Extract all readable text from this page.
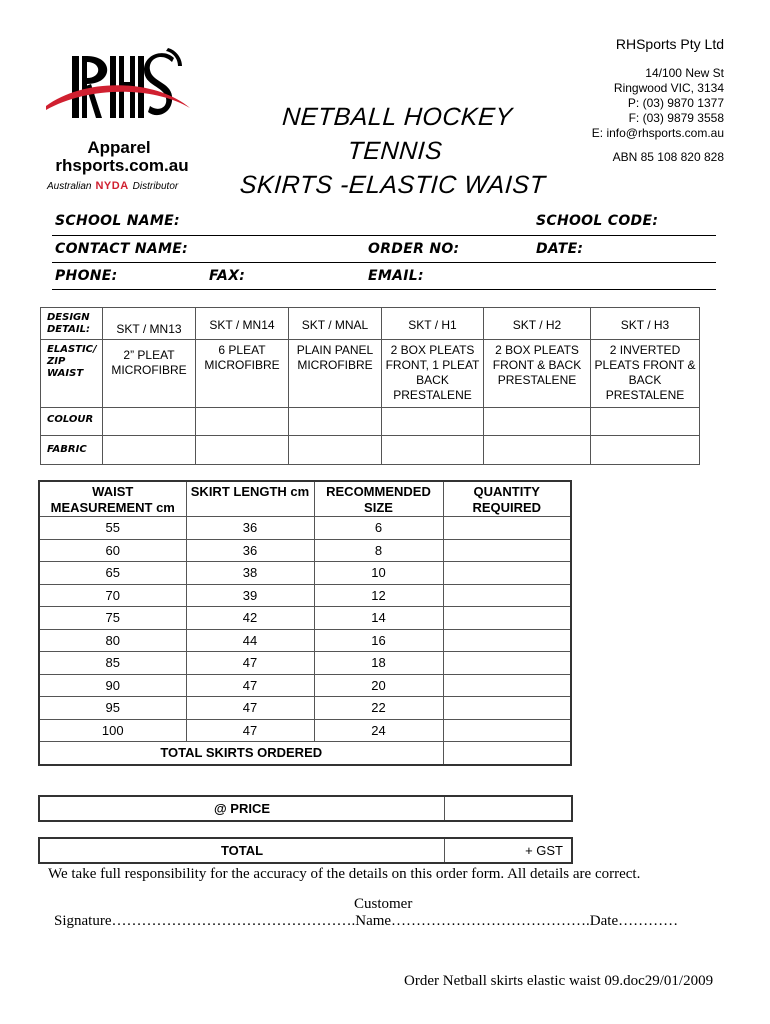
Apparel
rhsports.com.au
Australian NYDA Distributor
NETBALL HOCKEY TENNIS
SKIRTS -ELASTIC WAIST
RHSports Pty Ltd
14/100 New St
Ringwood VIC, 3134
P: (03) 9870 1377
F: (03) 9879 3558
E: info@rhsports.com.au
ABN 85 108 820 828
SCHOOL NAME:	SCHOOL CODE:
CONTACT NAME:	ORDER NO:	DATE:
PHONE:	FAX:	EMAIL:
DESIGN DETAIL:	SKT / MN13	SKT / MN14	SKT / MNAL	SKT / H1	SKT / H2	SKT / H3
ELASTIC/ ZIP WAIST	2” PLEAT MICROFIBRE	6 PLEAT MICROFIBRE	PLAIN PANEL MICROFIBRE	2 BOX PLEATS FRONT, 1 PLEAT BACK PRESTALENE	2 BOX PLEATS FRONT & BACK PRESTALENE	2 INVERTED PLEATS FRONT & BACK PRESTALENE
COLOUR						
FABRIC						
WAIST MEASUREMENT cm	SKIRT LENGTH cm	RECOMMENDED SIZE	QUANTITY REQUIRED
55	36	6	
60	36	8	
65	38	10	
70	39	12	
75	42	14	
80	44	16	
85	47	18	
90	47	20	
95	47	22	
100	47	24	
TOTAL SKIRTS ORDERED			
@ PRICE
TOTAL	+ GST
We take full responsibility for the accuracy of the details on this order form. All details are correct.
Customer
Signature………………………………………….Name………………………………….Date…………
Order Netball skirts elastic waist 09.doc29/01/2009
